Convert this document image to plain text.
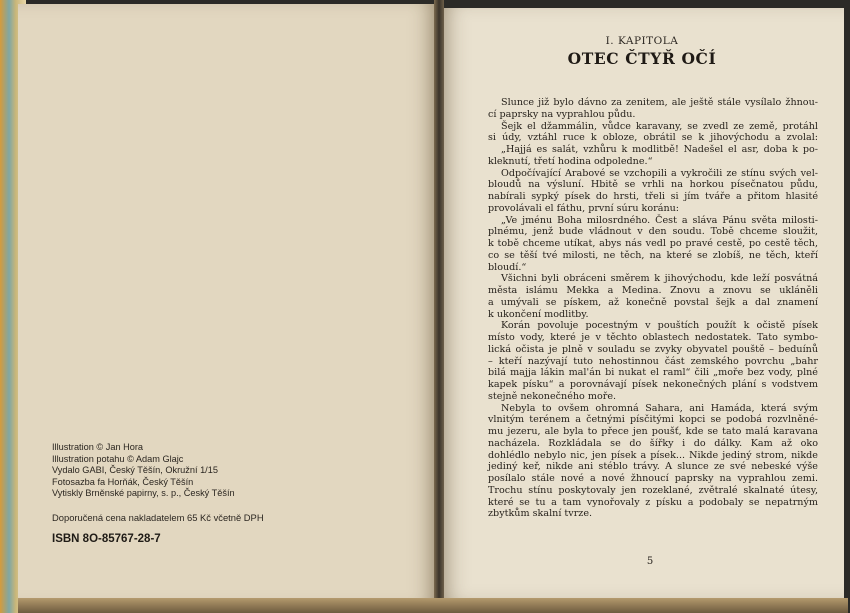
Illustration © Jan Hora
Illustration potahu © Adam Glajc
Vydalo GABI, Český Těšín, Okružní 1/15
Fotosazba fa Horňák, Český Těšín
Vytiskly Brněnské papirny, s. p., Český Těšín
Doporučená cena nakladatelem 65 Kč včetně DPH
ISBN 8O-85767-28-7
I. KAPITOLA
OTEC ČTYŘ OČÍ
Slunce již bylo dávno za zenitem, ale ještě stále vysílalo žhnou-
cí paprsky na vyprahlou půdu.
Šejk el džammálin, vůdce karavany, se zvedl ze země, protáhl
si údy, vztáhl ruce k obloze, obrátil se k jihovýchodu a zvolal:
„Hajjá es salát, vzhůru k modlitbě! Nadešel el asr, doba k po-
kleknutí, třetí hodina odpoledne.“
Odpočívající Arabové se vzchopili a vykročili ze stínu svých vel-
bloudů na výsluní. Hbitě se vrhli na horkou písečnatou půdu,
nabírali sypký písek do hrsti, třeli si jím tváře a přitom hlasité
provolávali el fáthu, první súru koránu:
„Ve jménu Boha milosrdného. Čest a sláva Pánu světa milosti-
plnému, jenž bude vládnout v den soudu. Tobě chceme sloužit,
k tobě chceme utíkat, abys nás vedl po pravé cestě, po cestě těch,
co se těší tvé milosti, ne těch, na které se zlobíš, ne těch, kteří
bloudí.“
Všichni byli obráceni směrem k jihovýchodu, kde leží posvátná
města islámu Mekka a Medina. Znovu a znovu se ukláněli
a umývali se pískem, až konečně povstal šejk a dal znamení
k ukončení modlitby.
Korán povoluje pocestným v pouštích použít k očistě písek
místo vody, které je v těchto oblastech nedostatek. Tato symbo-
lická očista je plně v souladu se zvyky obyvatel pouště – beduínů
– kteří nazývají tuto nehostinnou část zemského povrchu „bahr
bilá majja lákin mal'án bi nukat el raml“ čili „moře bez vody, plné
kapek písku“ a porovnávají písek nekonečných plání s vodstvem
stejně nekonečného moře.
Nebyla to ovšem ohromná Sahara, ani Hamáda, která svým
vlnitým terénem a četnými písčitými kopci se podobá rozvlněné-
mu jezeru, ale byla to přece jen poušť, kde se tato malá karavana
nacházela. Rozkládala se do šířky i do dálky. Kam až oko
dohlédlo nebylo nic, jen písek a písek... Nikde jediný strom, nikde
jediný keř, nikde ani stéblo trávy. A slunce ze své nebeské výše
posílalo stále nové a nové žhnoucí paprsky na vyprahlou zemi.
Trochu stínu poskytovaly jen rozeklané, zvětralé skalnaté útesy,
které se tu a tam vynořovaly z písku a podobaly se nepatrným
zbytkům skalní tvrze.
5
